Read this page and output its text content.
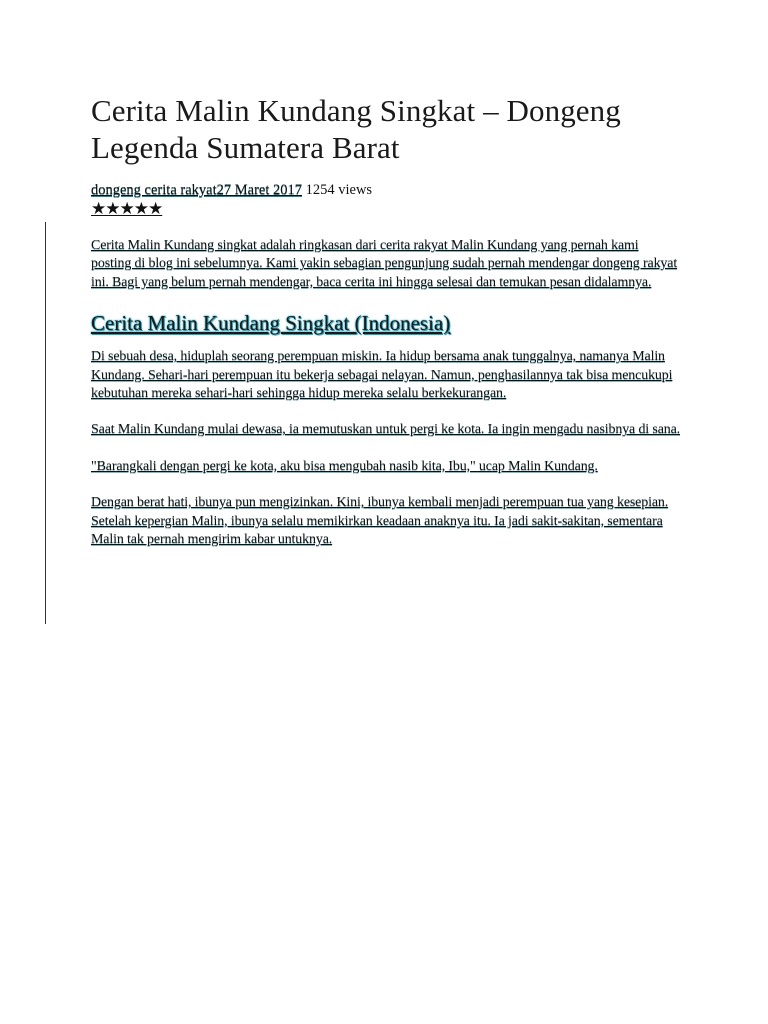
Cerita Malin Kundang Singkat – Dongeng Legenda Sumatera Barat
dongeng cerita rakyat27 Maret 2017 1254 views
★★★★★

Cerita Malin Kundang singkat adalah ringkasan dari cerita rakyat Malin Kundang yang pernah kami posting di blog ini sebelumnya. Kami yakin sebagian pengunjung sudah pernah mendengar dongeng rakyat ini. Bagi yang belum pernah mendengar, baca cerita ini hingga selesai dan temukan pesan didalamnya.

Cerita Malin Kundang Singkat (Indonesia)

Di sebuah desa, hiduplah seorang perempuan miskin. Ia hidup bersama anak tunggalnya, namanya Malin Kundang. Sehari-hari perempuan itu bekerja sebagai nelayan. Namun, penghasilannya tak bisa mencukupi kebutuhan mereka sehari-hari sehingga hidup mereka selalu berkekurangan.

Saat Malin Kundang mulai dewasa, ia memutuskan untuk pergi ke kota. Ia ingin mengadu nasibnya di sana.

"Barangkali dengan pergi ke kota, aku bisa mengubah nasib kita, Ibu," ucap Malin Kundang.

Dengan berat hati, ibunya pun mengizinkan. Kini, ibunya kembali menjadi perempuan tua yang kesepian. Setelah kepergian Malin, ibunya selalu memikirkan keadaan anaknya itu. Ia jadi sakit-sakitan, sementara Malin tak pernah mengirim kabar untuknya.
